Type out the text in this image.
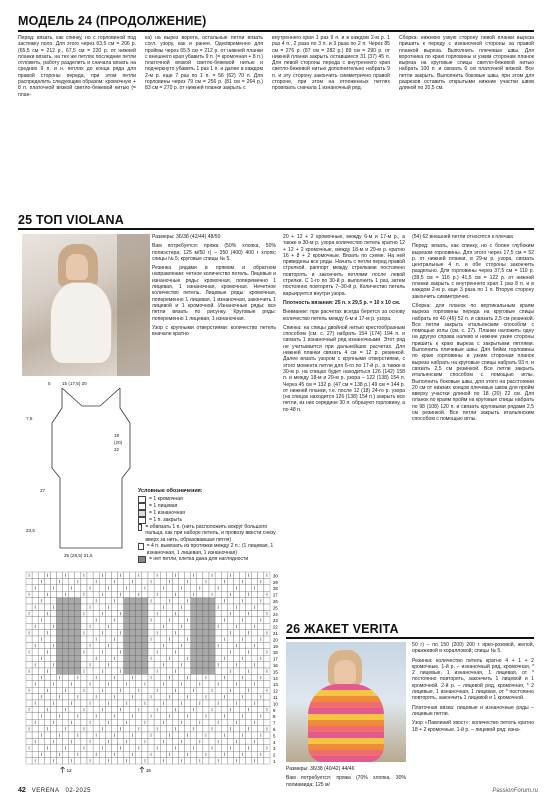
МОДЕЛЬ 24 (ПРОДОЛЖЕНИЕ)

Перед: вязать, как спинку, но с горловиной под застежку поло. Для этого через 63,5 см = 206 р. (65,5 см = 212 р., 67,5 см = 220 р. от нижней планки вязать, на тех же петлях последние петли отложить, работу разделить и сначала вязать на средних 9 п. и н. петлях до конца ряда для правой стороны переда, при этом петли распределить следующим образом: кромочную + 8 п. платочной вязкой светло-бежевой нитью (= план-

ка) на вырез ворота, остальные петли вязать согл. узору, как и ранее. Одновременно для проймы через 65,5 см = 212 р. от нижней планки с внешнего края убавить 9 п. (= кромочная + 8 п.) платочной вязкой светло-бежевой нитью и подчеркнуто убавить 1 раз 1 п. и далее в каждом 2-м р. еще 7 раз по 1 п. = 56 (62) 70 п. Для горловины через 79 см = 256 р. (81 см = 264 р.) 83 см = 270 р. от нижней планки закрыть с

внутреннего края 1 раз 9 п. и в каждом 2-м р. 1 раз 4 п., 2 раза по 3 п. и 3 раза по 2 п. Через 85 см = 276 р. (87 см = 282 р.) 89 см = 290 р. от нижней планки закрыть оставшиеся 31 (37) 45 п. Для левой стороны переда с внутреннего края светло-бежевой нитью дополнительно набрать 9 п. и эту сторону закончить симметрично правой стороне, при этом на отложенных петлях провязать сначала 1 изнаночный ряд.

Сборка: нижнюю узкую сторону левой планки выреза пришить к переду с изнаночной стороны за правой планкой выреза. Выполнить плечевые швы. Для воротника по краю горловины и узким сторонам планок выреза на круговые спицы светло-бежевой нитью набрать 100 п. и связать 6 см платочной вязкой. Все петли закрыть. Выполнить боковые швы, при этом для разрезов оставить открытыми нижние участки швов длиной по 20,5 см.

25 ТОП VIOLANA

Размеры: 36/38 (42/44) 48/50

Вам потребуется: пряжа (50% хлопка, 50% полиэстера; 125 м/50 г) – 350 (400) 400 г хлопк; спицы № 5; круговые спицы № 5.

Резинка рядами в прямом и обратном направлении: четное количество петель. Лицевые и изнаночные ряды: кромочная, попеременно 1 лицевая, 1 изнаночная, кромочная. Нечетное количество петель. Лицевые ряды: кромочная, попеременно 1 лицевая, 1 изнаночная, закончить 1 лицевой и 1 кромочной. Изнаночные ряды: все петли вязать по рисунку. Круговые ряды: попеременно 1 лицевая, 1 изнаночная.

Узор с крупными отверстиями: количество петель вначале кратно

15 (17,5) 20
5
7,5
27
18
(20)
22
23,5
25 (28,5) 31,5
Условные обозначения:
= 1 кромочная
= 1 лицевая
= 1 изнаночная
= 1 п. закрыть
= обвязать 1 п. (нить расположить вокруг большого пальца, как при наборе петель, и провозу ввести снизу вверх за нить, образовавшая петля)
= 4 п. вывязать из протяжки между 2 п.: (1 лицевая, 1 изнаночная, 1 лицевая, 1 изнаночная)
= нет петли, клетка дана для наглядности

20 + 12 + 2 кромочные, между 6-м и 17-м р., а также в 30-м р. узора количество петель кратно 12 + 12 + 2 кромочные, между 18-м и 29-м р. кратно 16 + 8 + 2 кромочные. Вязать по схеме. На ней приведены все ряды. Начать с петли перед правой стрелкой, раппорт между стрелками постоянно повторять и закончить петлями после левой стрелки. С 1-го по 30-й р. выполнить 1 раз, затем постоянно повторять 7–30-й р. Количество петель варьируется внутри узора.

Плотность вязания: 25 п. х 29,5 р. = 10 х 10 см.

Внимание: при расчетах всегда берется за основу количество петель между 6-м и 17-м р. узора.

Спинка: на спицы двойной нитью крестообразным способом (см. с. 27) набрать 154 (174) 194 п. и связать 1 изнаночный ряд изнаночными. Этот ряд не учитывается при дальнейших расчетах. Для нижней планки связать 4 см = 12 р. резинкой. Далее вязать узором с крупными отверстиями, с этого момента петли для 6-го по 17-й р., а также в 30-м р. на спицах будет находиться 126 (142) 158 п. и между 18-м и 29-м р. узора – 122 (138) 154 п. Через 45 см = 132 р. (47 см = 138 р.) 49 см = 144 р. от нижней планки, т.е. после 12 (18) 24-го р. узора (на спицах находится 126 (138) 154 п.) закрыть все петли, из них середине 30 п. образуют горловину, а по 48 п.

(54) 62 внешней петли относятся к плечам.

Перед: вязать, как спинку, но с более глубоким вырезом горловины. Для этого через 17,5 см = 52 р. от нижней планки, в 29-м р. узора, связать центральные 4 п. и обе стороны закончить раздельно. Для горловины через 37,5 см = 110 р. (39,5 см = 116 р.) 41,5 см = 122 р. от нижней планки закрыть с внутреннего края 1 раз 8 п. и в каждом 2-м р. еще 3 раза по 1 п. Вторую сторону закончить симметрично.

Сборка: для планок по вертикальным краям выреза горловины переда на круговые спицы набрать по 40 (46) 52 п. и связать 2,5 см резинкой. Все петли закрыть итальянским способом с помощью иглы (см. с. 27). Планки наложить одну на другую справа налево и нижние узкие стороны пришить к краю выреза с закрытыми петлями. Выполнить плечевые швы. Для бейки горловины по краю горловины и узким сторонам планок выреза набрать на круговые спицы набрать 93 п. и связать 2,5 см резинкой. Все петли закрыть итальянским способом с помощью иглы. Выполнить боковые швы, для этого на расстоянии 20 см от нижних концов плечевых швов для пройм вверху участки длиной по 18 (20) 22 см. Для планок по краям пройм на круговые спицы набрать по 98 (108) 120 п. и связать круговыми рядами 2,5 см резинкой. Все петли закрыть итальянским способом с помощью иглы.

30
29
28
27
26
25
24
23
22
21
20
19
18
17
16
15
14
13
12
11
10
9
8
7
6
5
4
3
2
1
12	16
26 ЖАКЕТ VERITA

Размеры: 36/38 (40/42) 44/46

Вам потребуется: пряжа (70% хлопка, 30% полиамида; 125 м/

50 г) – по 150 (200) 200 г ярко-розовой, желой, оранжевой и коралловой; спицы № 5.

Резинка: количество петель кратно 4 + 1 + 2 кромочные. 1-й р. – изнаночный ряд, кромочная, * 2 лицевые, 1 изнаночная, 1 лицевая, от * постоянно повторять, закончить 1 лицевой и 1 кромочной. 2-й р. – лицевой ряд, кромочная, * 2 лицевые, 1 изнаночная, 1 лицевая, от * постоянно повторять, закончить 1 лицевой и 1 кромочной.

Платочная вязка: лицевые и изнаночные ряды – лицевые петли.

Узор «Павлиний хвост»: количество петель кратно 18 + 2 кромочные. 1-й р. – лицевой ряд: изна-

42 VERENA 02-2025	PassionForum.ru
